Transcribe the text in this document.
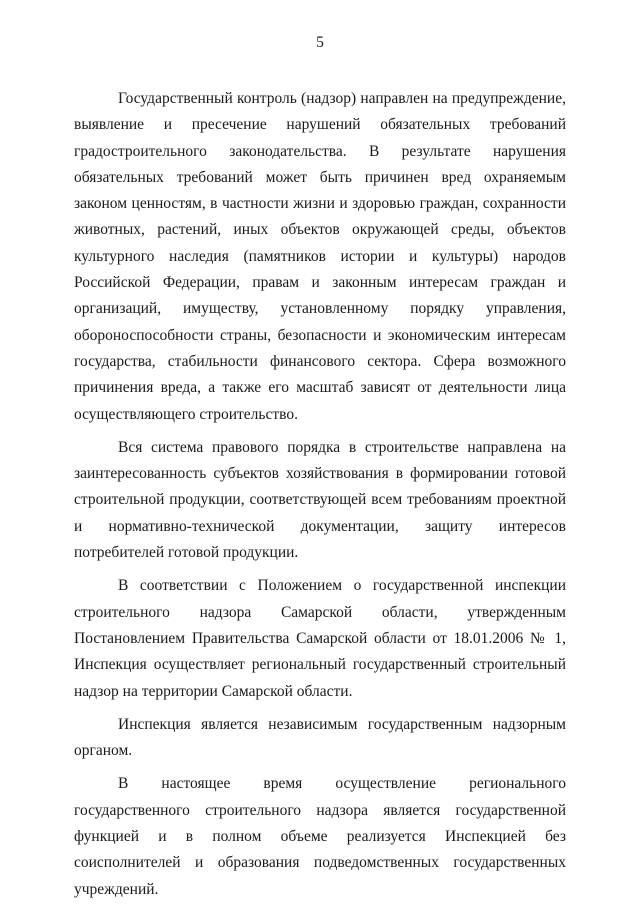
5

Государственный контроль (надзор) направлен на предупреждение, выявление и пресечение нарушений обязательных требований градостроительного законодательства. В результате нарушения обязательных требований может быть причинен вред охраняемым законом ценностям, в частности жизни и здоровью граждан, сохранности животных, растений, иных объектов окружающей среды, объектов культурного наследия (памятников истории и культуры) народов Российской Федерации, правам и законным интересам граждан и организаций, имуществу, установленному порядку управления, обороноспособности страны, безопасности и экономическим интересам государства, стабильности финансового сектора. Сфера возможного причинения вреда, а также его масштаб зависят от деятельности лица осуществляющего строительство.

Вся система правового порядка в строительстве направлена на заинтересованность субъектов хозяйствования в формировании готовой строительной продукции, соответствующей всем требованиям проектной и нормативно-технической документации, защиту интересов потребителей готовой продукции.

В соответствии с Положением о государственной инспекции строительного надзора Самарской области, утвержденным Постановлением Правительства Самарской области от 18.01.2006 № 1, Инспекция осуществляет региональный государственный строительный надзор на территории Самарской области.

Инспекция является независимым государственным надзорным органом.

В настоящее время осуществление регионального государственного строительного надзора является государственной функцией и в полном объеме реализуется Инспекцией без соисполнителей и образования подведомственных государственных учреждений.
